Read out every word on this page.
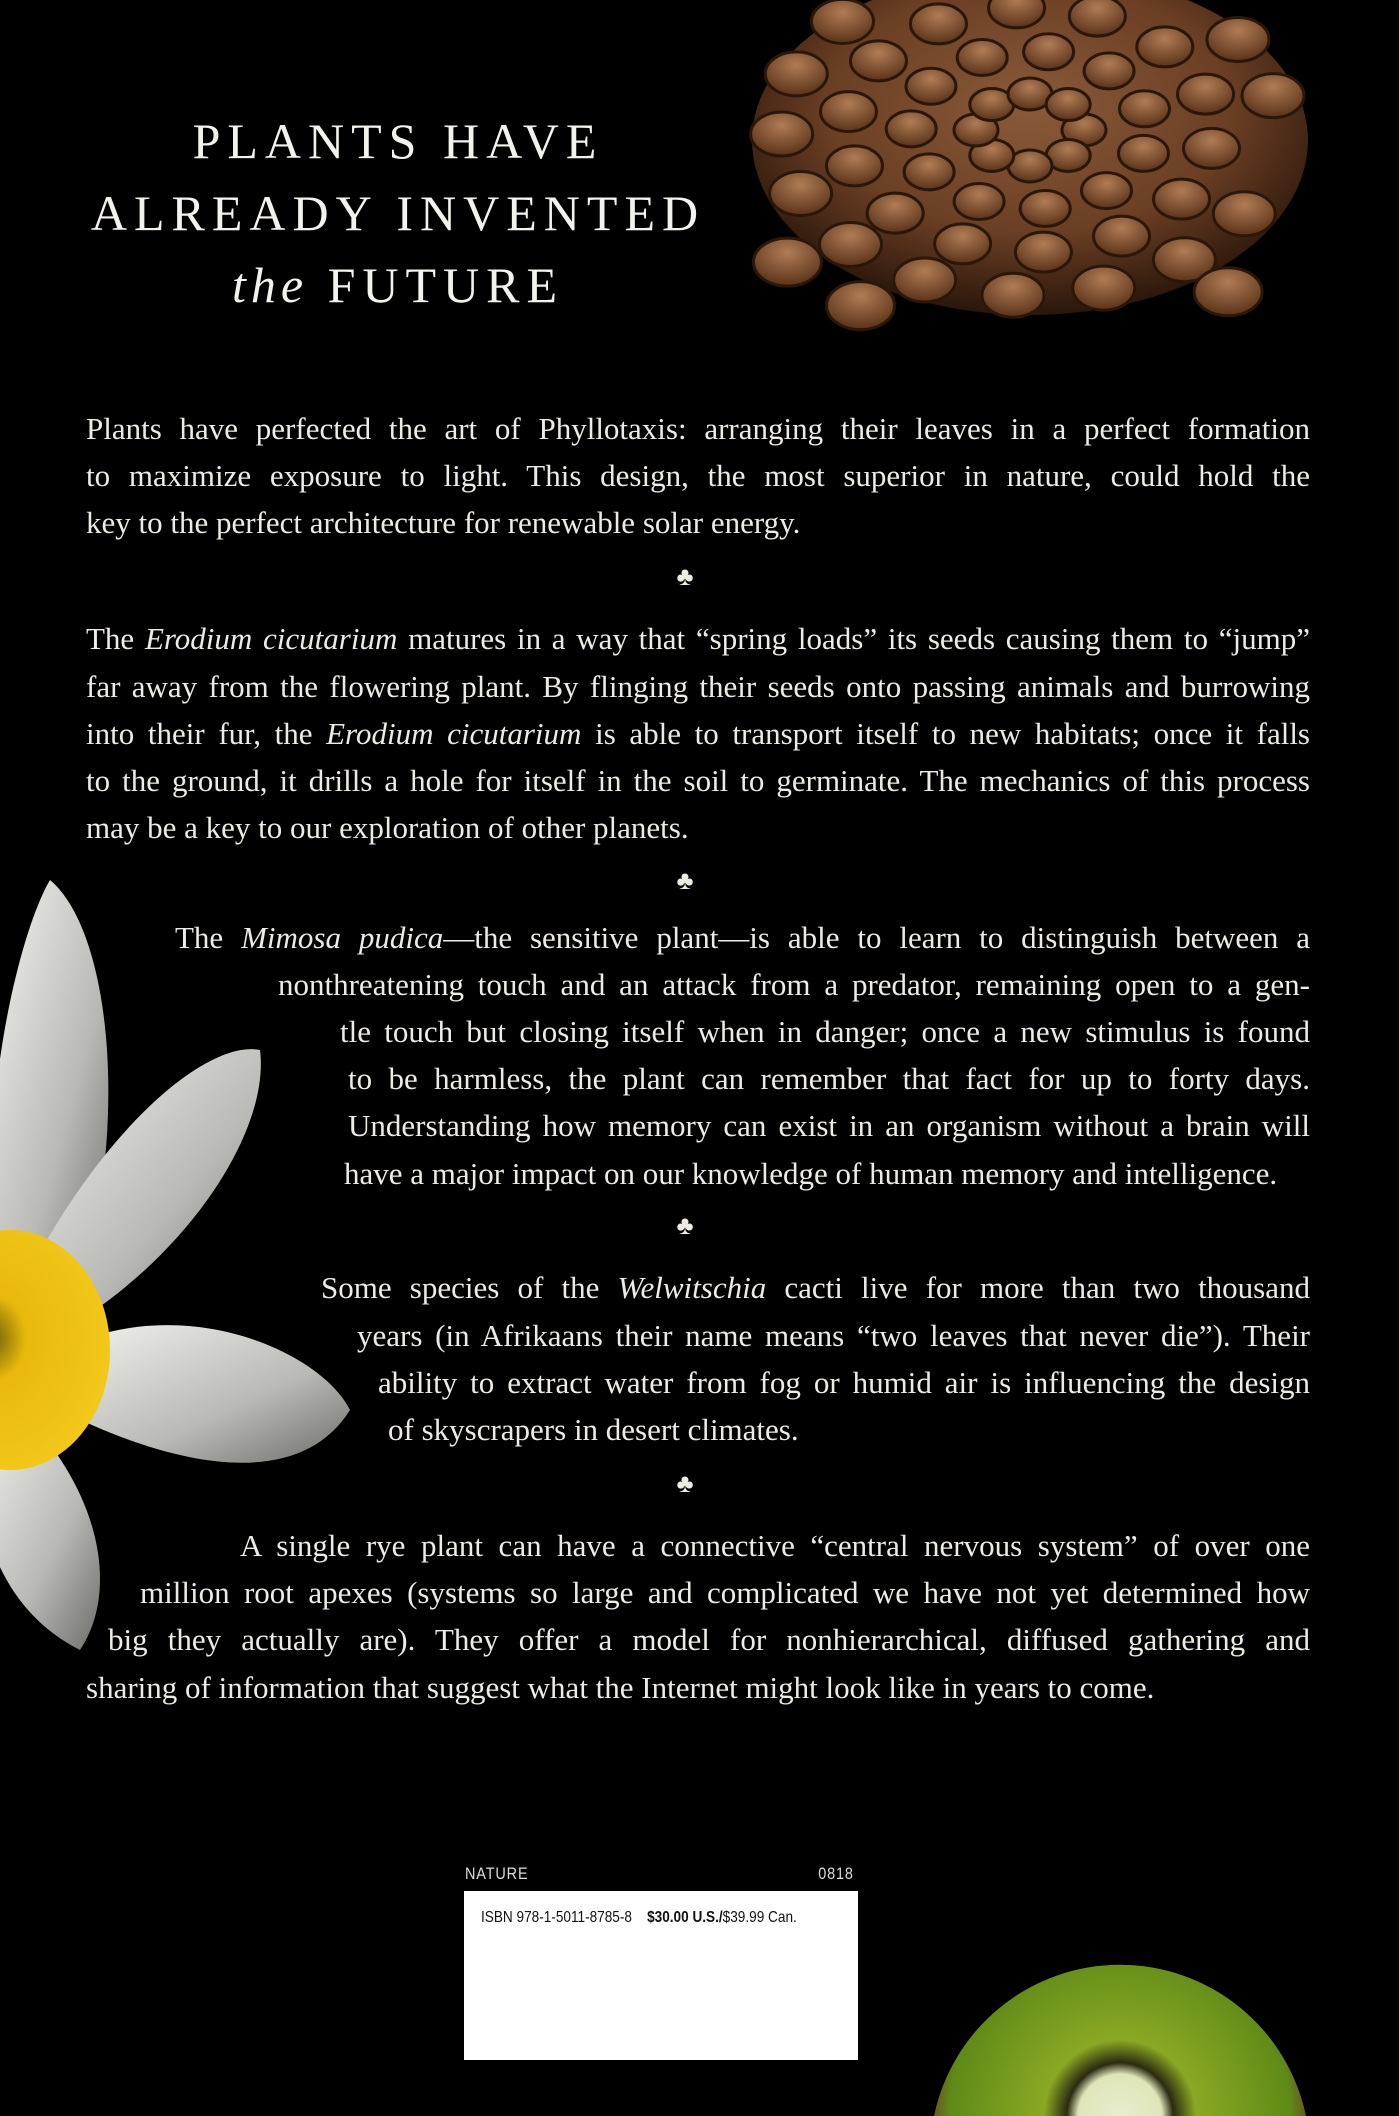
PLANTS HAVE
ALREADY INVENTED
the FUTURE
Plants have perfected the art of Phyllotaxis: arranging their leaves in a perfect formation
to maximize exposure to light. This design, the most superior in nature, could hold the
key to the perfect architecture for renewable solar energy.
♣
The Erodium cicutarium matures in a way that “spring loads” its seeds causing them to “jump”
far away from the flowering plant. By flinging their seeds onto passing animals and burrowing
into their fur, the Erodium cicutarium is able to transport itself to new habitats; once it falls
to the ground, it drills a hole for itself in the soil to germinate. The mechanics of this process
may be a key to our exploration of other planets.
♣
The Mimosa pudica—the sensitive plant—is able to learn to distinguish between a
nonthreatening touch and an attack from a predator, remaining open to a gen-
tle touch but closing itself when in danger; once a new stimulus is found
to be harmless, the plant can remember that fact for up to forty days.
Understanding how memory can exist in an organism without a brain will
have a major impact on our knowledge of human memory and intelligence.
♣
Some species of the Welwitschia cacti live for more than two thousand
years (in Afrikaans their name means “two leaves that never die”). Their
ability to extract water from fog or humid air is influencing the design
of skyscrapers in desert climates.
♣
A single rye plant can have a connective “central nervous system” of over one
million root apexes (systems so large and complicated we have not yet determined how
big they actually are). They offer a model for nonhierarchical, diffused gathering and
sharing of information that suggest what the Internet might look like in years to come.
NATURE	0818
ISBN 978-1-5011-8785-8 $30.00 U.S./$39.99 Can.
